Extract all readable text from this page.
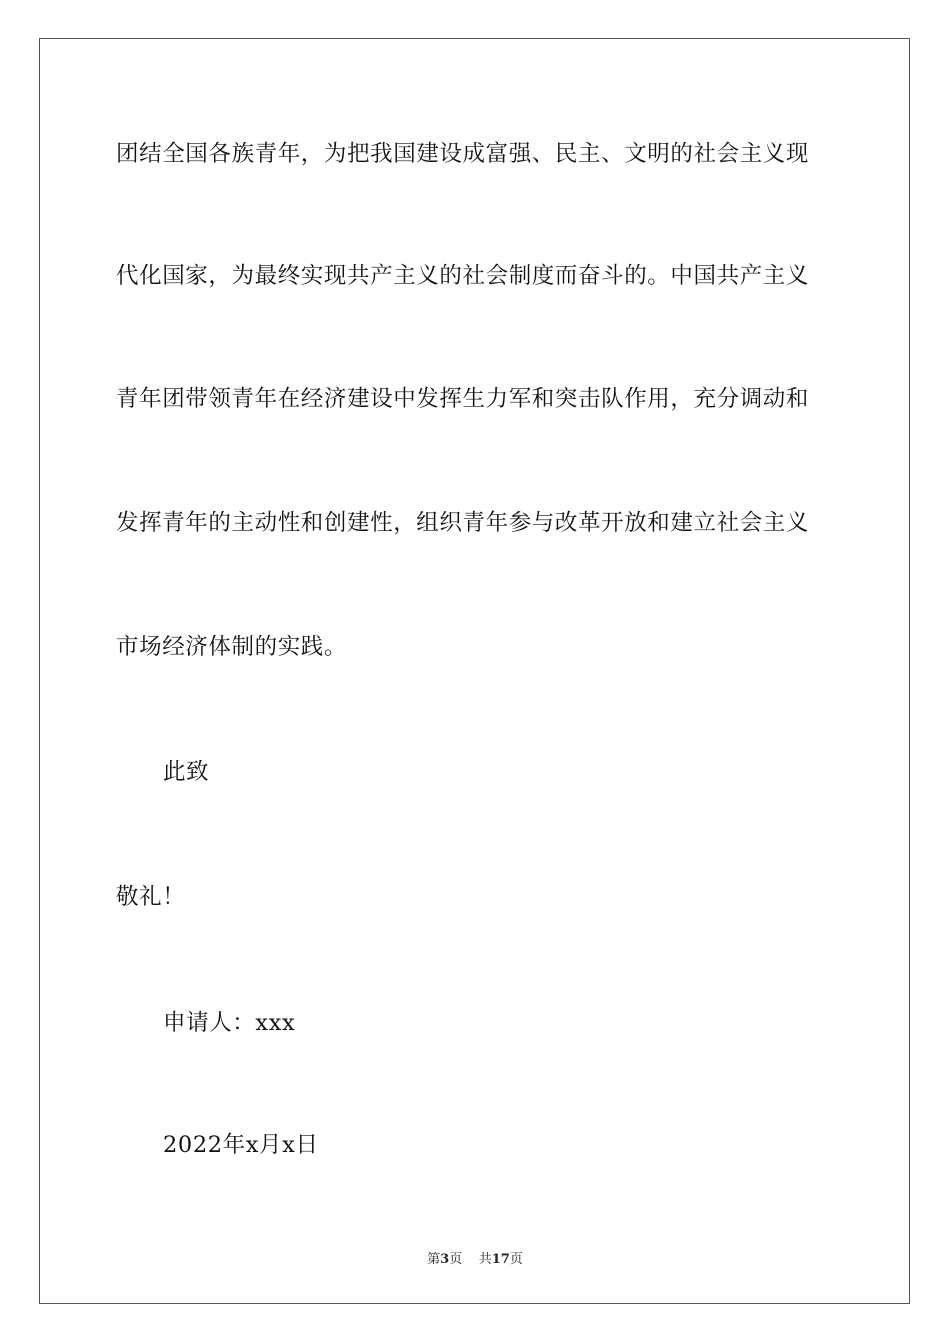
团结全国各族青年，为把我国建设成富强、民主、文明的社会主义现
代化国家，为最终实现共产主义的社会制度而奋斗的。中国共产主义
青年团带领青年在经济建设中发挥生力军和突击队作用，充分调动和
发挥青年的主动性和创建性，组织青年参与改革开放和建立社会主义
市场经济体制的实践。
此致
敬礼！
申请人：xxx
2022年x月x日
第3页 共17页
